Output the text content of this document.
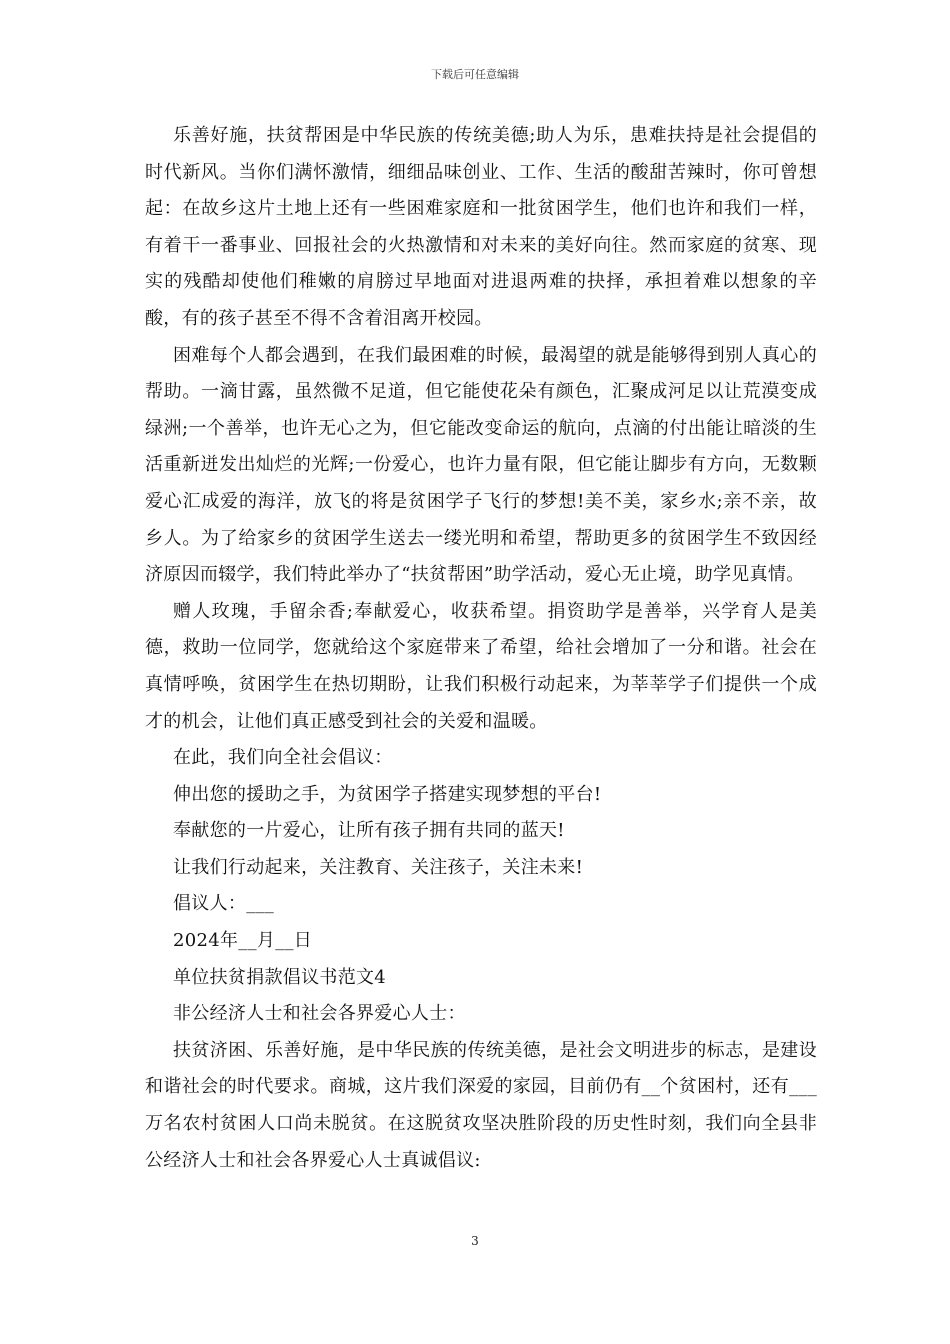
下载后可任意编辑

乐善好施，扶贫帮困是中华民族的传统美德;助人为乐，患难扶持是社会提倡的时代新风。当你们满怀激情，细细品味创业、工作、生活的酸甜苦辣时，你可曾想起：在故乡这片土地上还有一些困难家庭和一批贫困学生，他们也许和我们一样，有着干一番事业、回报社会的火热激情和对未来的美好向往。然而家庭的贫寒、现实的残酷却使他们稚嫩的肩膀过早地面对进退两难的抉择，承担着难以想象的辛酸，有的孩子甚至不得不含着泪离开校园。

困难每个人都会遇到，在我们最困难的时候，最渴望的就是能够得到别人真心的帮助。一滴甘露，虽然微不足道，但它能使花朵有颜色，汇聚成河足以让荒漠变成绿洲;一个善举，也许无心之为，但它能改变命运的航向，点滴的付出能让暗淡的生活重新迸发出灿烂的光辉;一份爱心，也许力量有限，但它能让脚步有方向，无数颗爱心汇成爱的海洋，放飞的将是贫困学子飞行的梦想!美不美，家乡水;亲不亲，故乡人。为了给家乡的贫困学生送去一缕光明和希望，帮助更多的贫困学生不致因经济原因而辍学，我们特此举办了“扶贫帮困”助学活动，爱心无止境，助学见真情。

赠人玫瑰，手留余香;奉献爱心，收获希望。捐资助学是善举，兴学育人是美德，救助一位同学，您就给这个家庭带来了希望，给社会增加了一分和谐。社会在真情呼唤，贫困学生在热切期盼，让我们积极行动起来，为莘莘学子们提供一个成才的机会，让他们真正感受到社会的关爱和温暖。

在此，我们向全社会倡议：

伸出您的援助之手，为贫困学子搭建实现梦想的平台!

奉献您的一片爱心，让所有孩子拥有共同的蓝天!

让我们行动起来，关注教育、关注孩子，关注未来!

倡议人：___

2024年__月__日

单位扶贫捐款倡议书范文4

非公经济人士和社会各界爱心人士：

扶贫济困、乐善好施，是中华民族的传统美德，是社会文明进步的标志，是建设和谐社会的时代要求。商城，这片我们深爱的家园，目前仍有__个贫困村，还有___万名农村贫困人口尚未脱贫。在这脱贫攻坚决胜阶段的历史性时刻，我们向全县非公经济人士和社会各界爱心人士真诚倡议:

3
